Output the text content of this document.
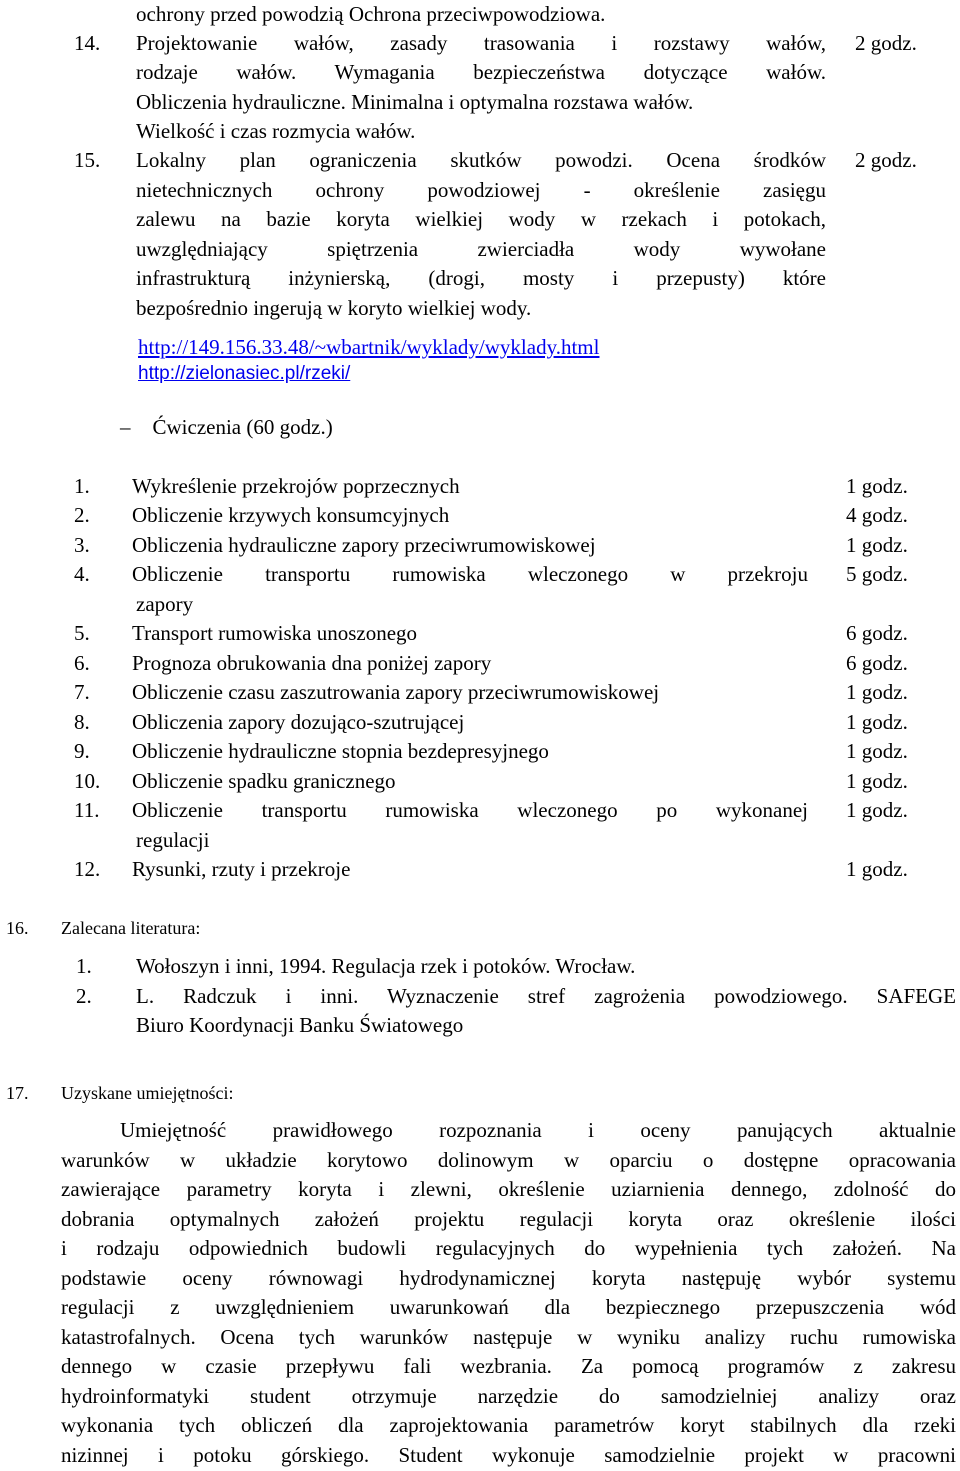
ochrony przed powodzią Ochrona przeciwpowodziowa.
14. Projektowanie wałów, zasady trasowania i rozstawy wałów,
rodzaje wałów. Wymagania bezpieczeństwa dotyczące wałów.
Obliczenia hydrauliczne. Minimalna i optymalna rozstawa wałów.
Wielkość i czas rozmycia wałów.
2 godz.
15. Lokalny plan ograniczenia skutków powodzi. Ocena środków
nietechnicznych ochrony powodziowej - określenie zasięgu
zalewu na bazie koryta wielkiej wody w rzekach i potokach,
uwzględniający spiętrzenia zwierciadła wody wywołane
infrastrukturą inżynierską, (drogi, mosty i przepusty) które
bezpośrednio ingerują w koryto wielkiej wody.
2 godz.
http://149.156.33.48/~wbartnik/wyklady/wyklady.html
http://zielonasiec.pl/rzeki/
– Ćwiczenia (60 godz.)
1. Wykreślenie przekrojów poprzecznych	1 godz.
2. Obliczenie krzywych konsumcyjnych	4 godz.
3. Obliczenia hydrauliczne zapory przeciwrumowiskowej	1 godz.
4. Obliczenie transportu rumowiska wleczonego w przekroju
zapory
5 godz.
5. Transport rumowiska unoszonego	6 godz.
6. Prognoza obrukowania dna poniżej zapory	6 godz.
7. Obliczenie czasu zaszutrowania zapory przeciwrumowiskowej	1 godz.
8. Obliczenia zapory dozująco-szutrującej	1 godz.
9. Obliczenie hydrauliczne stopnia bezdepresyjnego	1 godz.
10. Obliczenie spadku granicznego	1 godz.
11. Obliczenie transportu rumowiska wleczonego po wykonanej
regulacji
1 godz.
12. Rysunki, rzuty i przekroje	1 godz.
16. Zalecana literatura:
1. Wołoszyn i inni, 1994. Regulacja rzek i potoków. Wrocław.
2. L. Radczuk i inni. Wyznaczenie stref zagrożenia powodziowego. SAFEGE
Biuro Koordynacji Banku Światowego
17. Uzyskane umiejętności:
Umiejętność prawidłowego rozpoznania i oceny panujących aktualnie
warunków w układzie korytowo dolinowym w oparciu o dostępne opracowania
zawierające parametry koryta i zlewni, określenie uziarnienia dennego, zdolność do
dobrania optymalnych założeń projektu regulacji koryta oraz określenie ilości
i rodzaju odpowiednich budowli regulacyjnych do wypełnienia tych założeń. Na
podstawie oceny równowagi hydrodynamicznej koryta następuję wybór systemu
regulacji z uwzględnieniem uwarunkowań dla bezpiecznego przepuszczenia wód
katastrofalnych. Ocena tych warunków następuje w wyniku analizy ruchu rumowiska
dennego w czasie przepływu fali wezbrania. Za pomocą programów z zakresu
hydroinformatyki student otrzymuje narzędzie do samodzielniej analizy oraz
wykonania tych obliczeń dla zaprojektowania parametrów koryt stabilnych dla rzeki
nizinnej i potoku górskiego. Student wykonuje samodzielnie projekt w pracowni
